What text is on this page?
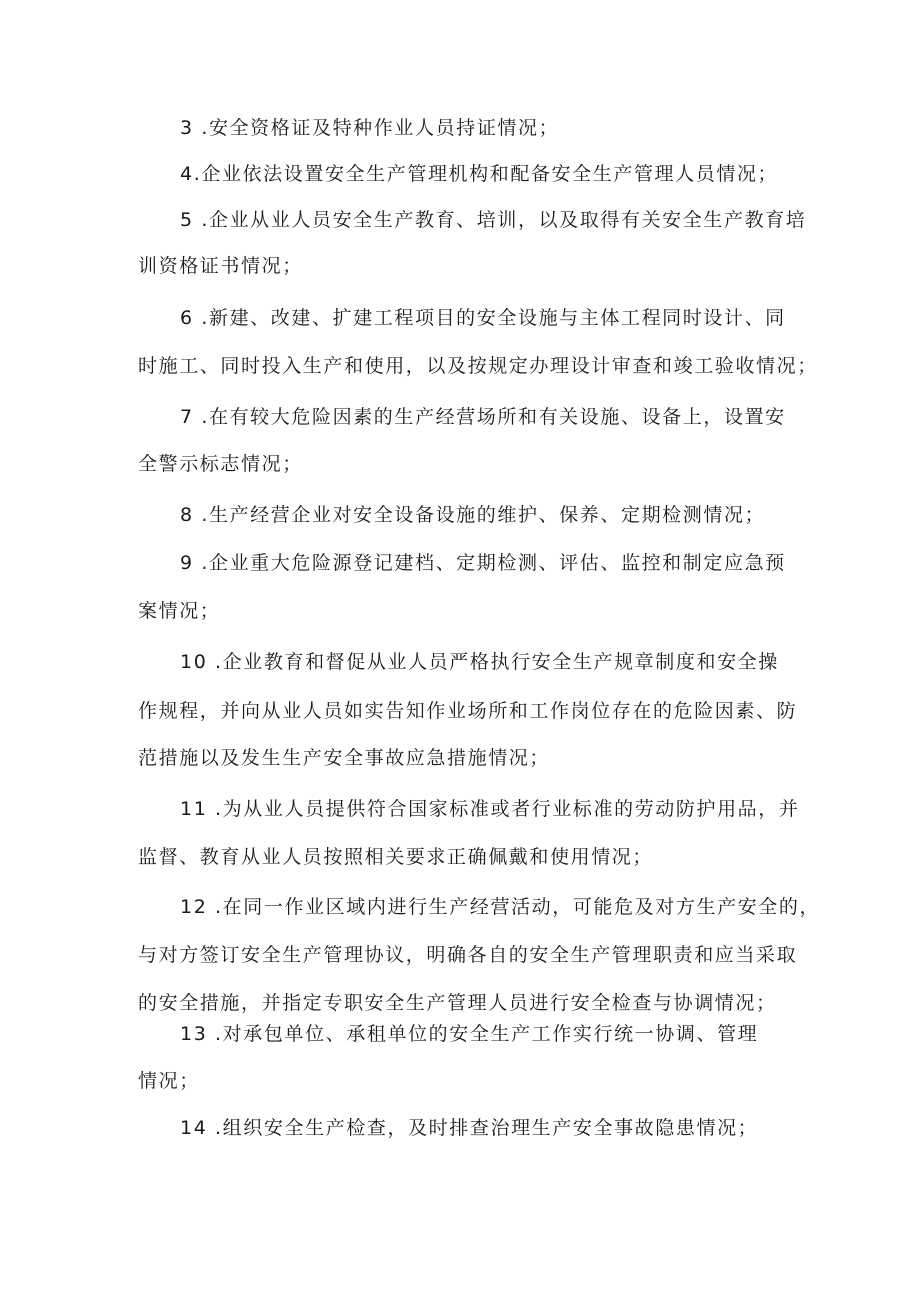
3 .安全资格证及特种作业人员持证情况；
4.企业依法设置安全生产管理机构和配备安全生产管理人员情况；
5 .企业从业人员安全生产教育、培训，以及取得有关安全生产教育培
训资格证书情况；
6 .新建、改建、扩建工程项目的安全设施与主体工程同时设计、同
时施工、同时投入生产和使用，以及按规定办理设计审查和竣工验收情况；
7 .在有较大危险因素的生产经营场所和有关设施、设备上，设置安
全警示标志情况；
8 .生产经营企业对安全设备设施的维护、保养、定期检测情况；
9 .企业重大危险源登记建档、定期检测、评估、监控和制定应急预
案情况；
10 .企业教育和督促从业人员严格执行安全生产规章制度和安全操
作规程，并向从业人员如实告知作业场所和工作岗位存在的危险因素、防
范措施以及发生生产安全事故应急措施情况；
11 .为从业人员提供符合国家标准或者行业标准的劳动防护用品，并
监督、教育从业人员按照相关要求正确佩戴和使用情况；
12 .在同一作业区域内进行生产经营活动，可能危及对方生产安全的，
与对方签订安全生产管理协议，明确各自的安全生产管理职责和应当采取
的安全措施，并指定专职安全生产管理人员进行安全检查与协调情况；
13 .对承包单位、承租单位的安全生产工作实行统一协调、管理
情况；
14 .组织安全生产检查，及时排查治理生产安全事故隐患情况；
